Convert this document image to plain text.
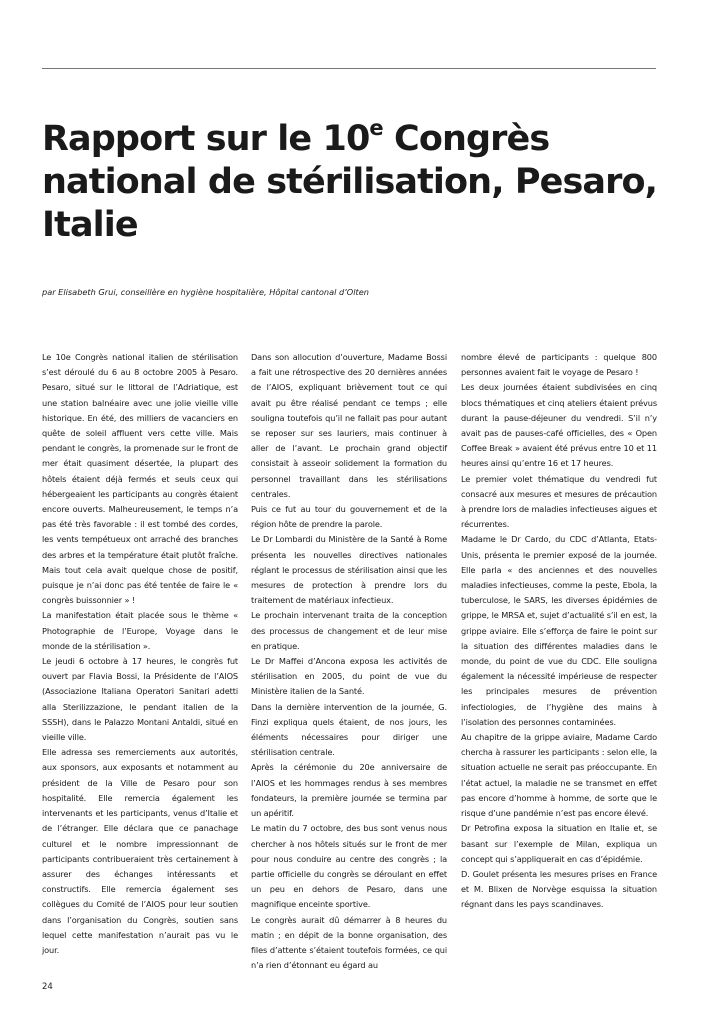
Rapport sur le 10e Congrès national de stérilisation, Pesaro, Italie

par Elisabeth Grui, conseillère en hygiène hospitalière, Hôpital cantonal d’Olten

Le 10e Congrès national italien de stérilisation s’est déroulé du 6 au 8 octobre 2005 à Pesaro. Pesaro, situé sur le littoral de l’Adriatique, est une station balnéaire avec une jolie vieille ville historique. En été, des milliers de vacanciers en quête de soleil affluent vers cette ville. Mais pendant le congrès, la promenade sur le front de mer était quasiment désertée, la plupart des hôtels étaient déjà fermés et seuls ceux qui hébergeaient les participants au congrès étaient encore ouverts. Malheureusement, le temps n’a pas été très favorable : il est tombé des cordes, les vents tempétueux ont arraché des branches des arbres et la température était plutôt fraîche. Mais tout cela avait quelque chose de positif, puisque je n’ai donc pas été tentée de faire le « congrès buissonnier » !

La manifestation était placée sous le thème « Photographie de l’Europe, Voyage dans le monde de la stérilisation ».

Le jeudi 6 octobre à 17 heures, le congrès fut ouvert par Flavia Bossi, la Présidente de l’AIOS (Associazione Italiana Operatori Sanitari adetti alla Sterilizzazione, le pendant italien de la SSSH), dans le Palazzo Montani Antaldi, situé en vieille ville.

Elle adressa ses remerciements aux autorités, aux sponsors, aux exposants et notamment au président de la Ville de Pesaro pour son hospitalité. Elle remercia également les intervenants et les participants, venus d’Italie et de l’étranger. Elle déclara que ce panachage culturel et le nombre impressionnant de participants contribueraient très certainement à assurer des échanges intéressants et constructifs. Elle remercia également ses collègues du Comité de l’AIOS pour leur soutien dans l’organisation du Congrès, soutien sans lequel cette manifestation n’aurait pas vu le jour.

Dans son allocution d’ouverture, Madame Bossi a fait une rétrospective des 20 dernières années de l’AIOS, expliquant brièvement tout ce qui avait pu être réalisé pendant ce temps ; elle souligna toutefois qu’il ne fallait pas pour autant se reposer sur ses lauriers, mais continuer à aller de l’avant. Le prochain grand objectif consistait à asseoir solidement la formation du personnel travaillant dans les stérilisations centrales.

Puis ce fut au tour du gouvernement et de la région hôte de prendre la parole.

Le Dr Lombardi du Ministère de la Santé à Rome présenta les nouvelles directives nationales réglant le processus de stérilisation ainsi que les mesures de protection à prendre lors du traitement de matériaux infectieux.

Le prochain intervenant traita de la conception des processus de changement et de leur mise en pratique.

Le Dr Maffei d’Ancona exposa les activités de stérilisation en 2005, du point de vue du Ministère italien de la Santé.

Dans la dernière intervention de la journée, G. Finzi expliqua quels étaient, de nos jours, les éléments nécessaires pour diriger une stérilisation centrale.

Après la cérémonie du 20e anniversaire de l’AIOS et les hommages rendus à ses membres fondateurs, la première journée se termina par un apéritif.

Le matin du 7 octobre, des bus sont venus nous chercher à nos hôtels situés sur le front de mer pour nous conduire au centre des congrès ; la partie officielle du congrès se déroulant en effet un peu en dehors de Pesaro, dans une magnifique enceinte sportive.

Le congrès aurait dû démarrer à 8 heures du matin ; en dépit de la bonne organisation, des files d’attente s’étaient toutefois formées, ce qui n’a rien d’étonnant eu égard au

nombre élevé de participants : quelque 800 personnes avaient fait le voyage de Pesaro !

Les deux journées étaient subdivisées en cinq blocs thématiques et cinq ateliers étaient prévus durant la pause-déjeuner du vendredi. S’il n’y avait pas de pauses-café officielles, des « Open Coffee Break » avaient été prévus entre 10 et 11 heures ainsi qu’entre 16 et 17 heures.

Le premier volet thématique du vendredi fut consacré aux mesures et mesures de précaution à prendre lors de maladies infectieuses aigues et récurrentes.

Madame le Dr Cardo, du CDC d’Atlanta, Etats-Unis, présenta le premier exposé de la journée. Elle parla « des anciennes et des nouvelles maladies infectieuses, comme la peste, Ebola, la tuberculose, le SARS, les diverses épidémies de grippe, le MRSA et, sujet d’actualité s’il en est, la grippe aviaire. Elle s’efforça de faire le point sur la situation des différentes maladies dans le monde, du point de vue du CDC. Elle souligna également la nécessité impérieuse de respecter les principales mesures de prévention infectiologies, de l’hygiène des mains à l’isolation des personnes contaminées.

Au chapitre de la grippe aviaire, Madame Cardo chercha à rassurer les participants : selon elle, la situation actuelle ne serait pas préoccupante. En l’état actuel, la maladie ne se transmet en effet pas encore d’homme à homme, de sorte que le risque d’une pandémie n’est pas encore élevé.

Dr Petrofina exposa la situation en Italie et, se basant sur l’exemple de Milan, expliqua un concept qui s’appliquerait en cas d’épidémie.

D. Goulet présenta les mesures prises en France et M. Blixen de Norvège esquissa la situation régnant dans les pays scandinaves.

24
